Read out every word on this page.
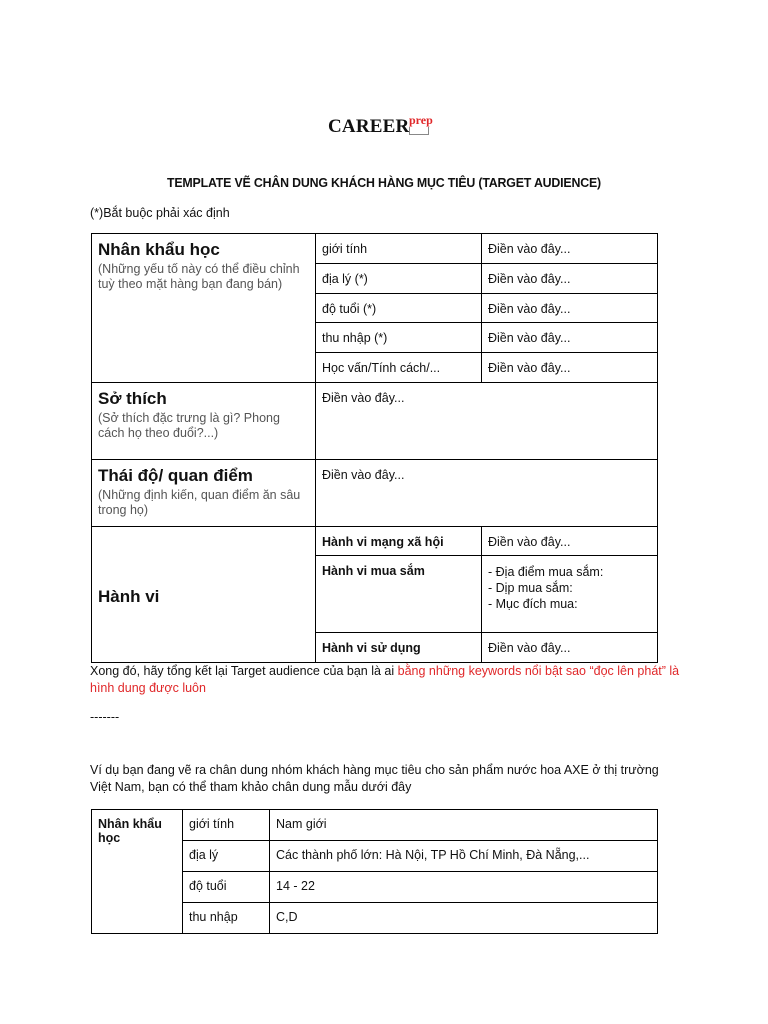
CAREER prep
TEMPLATE VẼ CHÂN DUNG KHÁCH HÀNG MỤC TIÊU (TARGET AUDIENCE)
(*)Bắt buộc phải xác định
Nhân khẩu học
(Những yếu tố này có thể điều chỉnh tuỳ theo mặt hàng bạn đang bán)	giới tính	Điền vào đây...
	địa lý (*)	Điền vào đây...
	độ tuổi (*)	Điền vào đây...
	thu nhập (*)	Điền vào đây...
	Học vấn/Tính cách/...	Điền vào đây...

Sở thích
(Sở thích đặc trưng là gì? Phong cách họ theo đuổi?...)	Điền vào đây...	

Thái độ/ quan điểm
(Những định kiến, quan điểm ăn sâu trong họ)	Điền vào đây...	

Hành vi	Hành vi mạng xã hội	Điền vào đây...
	Hành vi mua sắm	- Địa điểm mua sắm:
- Dịp mua sắm:
- Mục đích mua:

	Hành vi sử dụng	Điền vào đây...
Xong đó, hãy tổng kết lại Target audience của bạn là ai bằng những keywords nổi bật sao “đọc lên phát” là hình dung được luôn
-------
Ví dụ bạn đang vẽ ra chân dung nhóm khách hàng mục tiêu cho sản phẩm nước hoa AXE ở thị trường Việt Nam, bạn có thể tham khảo chân dung mẫu dưới đây
Nhân khẩu học	giới tính	Nam giới
	địa lý	Các thành phố lớn: Hà Nội, TP Hồ Chí Minh, Đà Nẵng,...
	độ tuổi	14 - 22
	thu nhập	C,D
